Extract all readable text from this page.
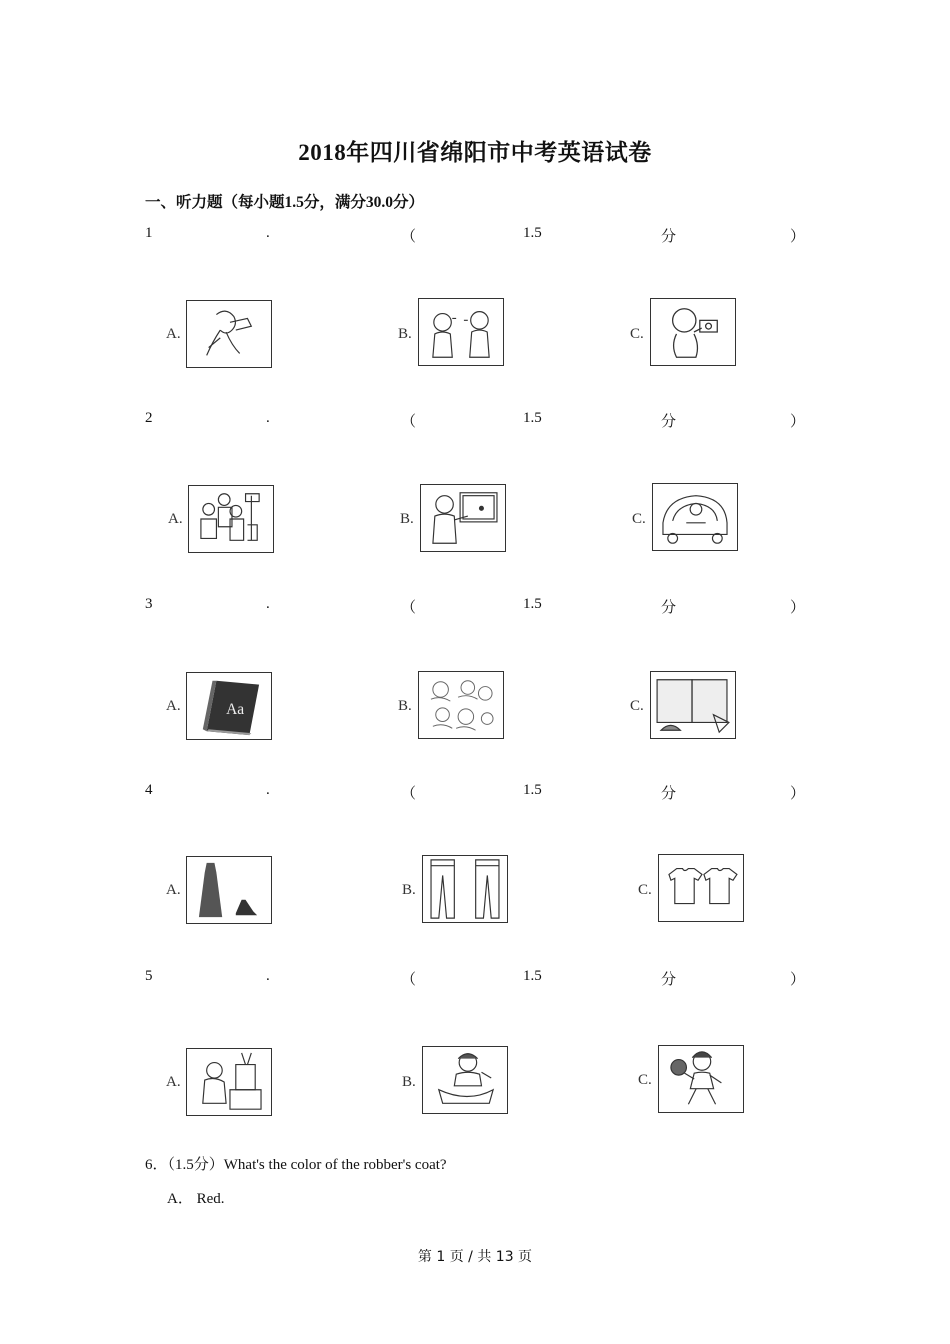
2018年四川省绵阳市中考英语试卷
一、听力题（每小题1.5分，满分30.0分）
1	.	（	1.5	分	）
A.	B.	C.
2	.	（	1.5	分	）
A.	B.	C.
3	.	（	1.5	分	）
A.	Aa	B.	C.
4	.	（	1.5	分	）
A.	B.	C.
5	.	（	1.5	分	）
A.	B.	C.
6．（1.5分）What's the color of the robber's coat?
A． Red.
第 1 页 / 共 13 页
